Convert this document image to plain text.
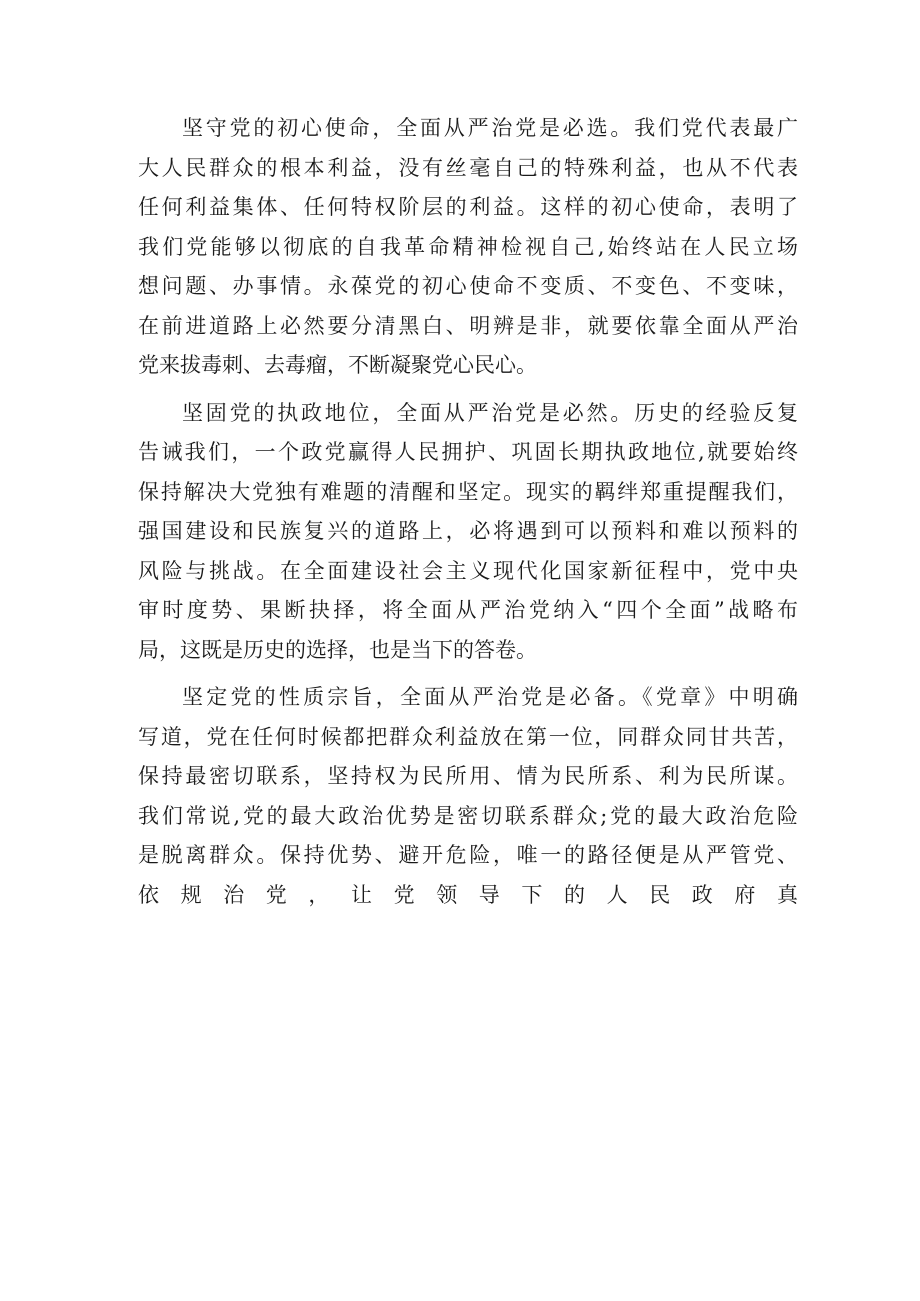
坚守党的初心使命，全面从严治党是必选。我们党代表最广
大人民群众的根本利益，没有丝毫自己的特殊利益，也从不代表
任何利益集体、任何特权阶层的利益。这样的初心使命，表明了
我们党能够以彻底的自我革命精神检视自己,始终站在人民立场
想问题、办事情。永葆党的初心使命不变质、不变色、不变味，
在前进道路上必然要分清黑白、明辨是非，就要依靠全面从严治
党来拔毒刺、去毒瘤，不断凝聚党心民心。
坚固党的执政地位，全面从严治党是必然。历史的经验反复
告诫我们，一个政党赢得人民拥护、巩固长期执政地位,就要始终
保持解决大党独有难题的清醒和坚定。现实的羁绊郑重提醒我们，
强国建设和民族复兴的道路上，必将遇到可以预料和难以预料的
风险与挑战。在全面建设社会主义现代化国家新征程中，党中央
审时度势、果断抉择，将全面从严治党纳入“四个全面”战略布
局，这既是历史的选择，也是当下的答卷。
坚定党的性质宗旨，全面从严治党是必备。《党章》中明确
写道，党在任何时候都把群众利益放在第一位，同群众同甘共苦，
保持最密切联系，坚持权为民所用、情为民所系、利为民所谋。
我们常说,党的最大政治优势是密切联系群众;党的最大政治危险
是脱离群众。保持优势、避开危险，唯一的路径便是从严管党、
依规治党，让党领导下的人民政府真
